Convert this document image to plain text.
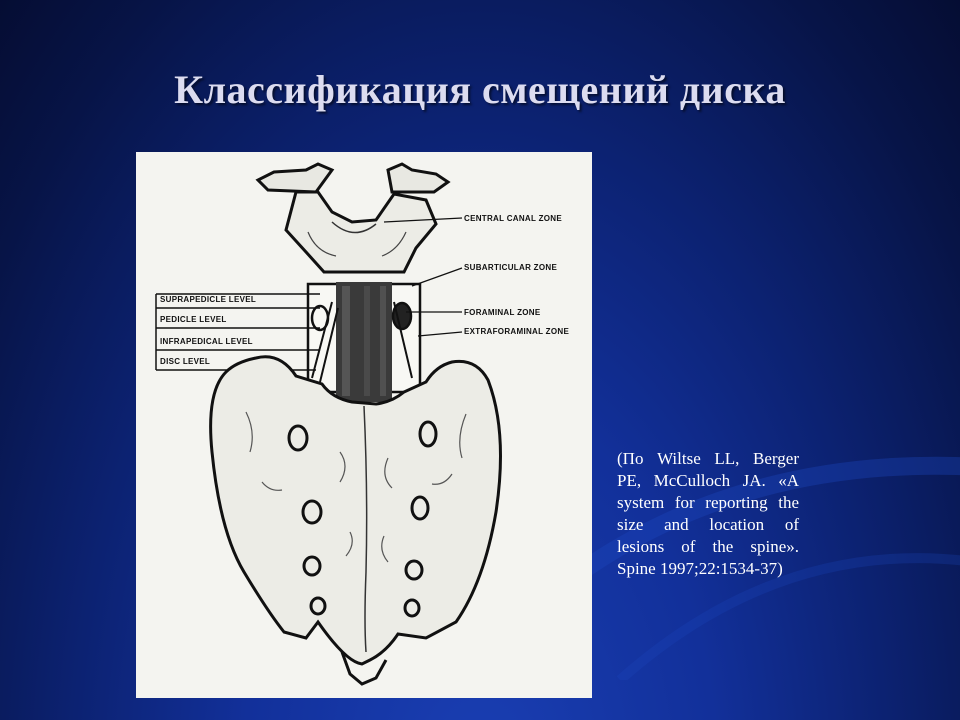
Классификация смещений диска
CENTRAL CANAL ZONE
SUBARTICULAR ZONE
FORAMINAL ZONE
EXTRAFORAMINAL ZONE
SUPRAPEDICLE LEVEL
PEDICLE LEVEL
INFRAPEDICAL LEVEL
DISC LEVEL
(По Wiltse LL, Berger PE, McCulloch JA. «A system for reporting the size and location of lesions of the spine». Spine 1997;22:1534-37)
